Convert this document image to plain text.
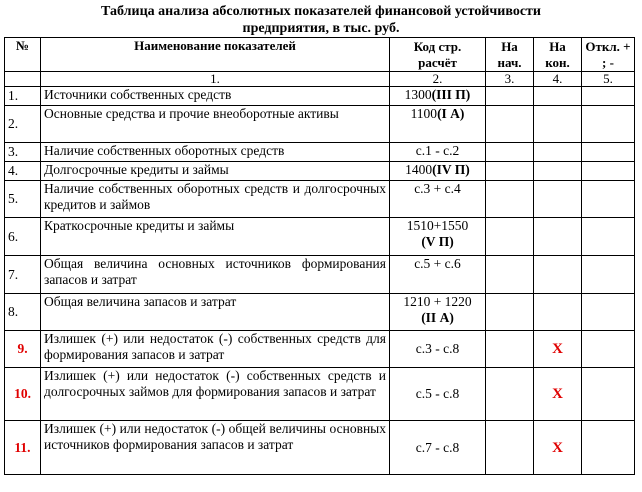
Таблица анализа абсолютных показателей финансовой устойчивости
предприятия, в тыс. руб.
№	Наименование показателей	Код стр. расчёт	На нач.	На кон.	Откл. + ; -
	1.	2.	3.	4.	5.
1.	Источники собственных средств	1300(III П)			
2.	Основные средства и прочие внеоборотные активы	1100(I А)			
3.	Наличие собственных оборотных средств	с.1 - с.2			
4.	Долгосрочные кредиты и займы	1400(IV П)			
5.	Наличие собственных оборотных средств и долгосрочных кредитов и займов	с.3 + с.4			
6.	Краткосрочные кредиты и займы	1510+1550
(V П)			
7.	Общая величина основных источников формирования запасов и затрат	с.5 + с.6			
8.	Общая величина запасов и затрат	1210 + 1220
(II А)			
9.	Излишек (+) или недостаток (-) собственных средств для формирования запасов и затрат	с.3 - с.8		Х	
10.	Излишек (+) или недостаток (-) собственных средств и долгосрочных займов для формирования запасов и затрат	с.5 - с.8		Х	
11.	Излишек (+) или недостаток (-) общей величины основных источников формирования запасов и затрат	с.7 - с.8		Х	
